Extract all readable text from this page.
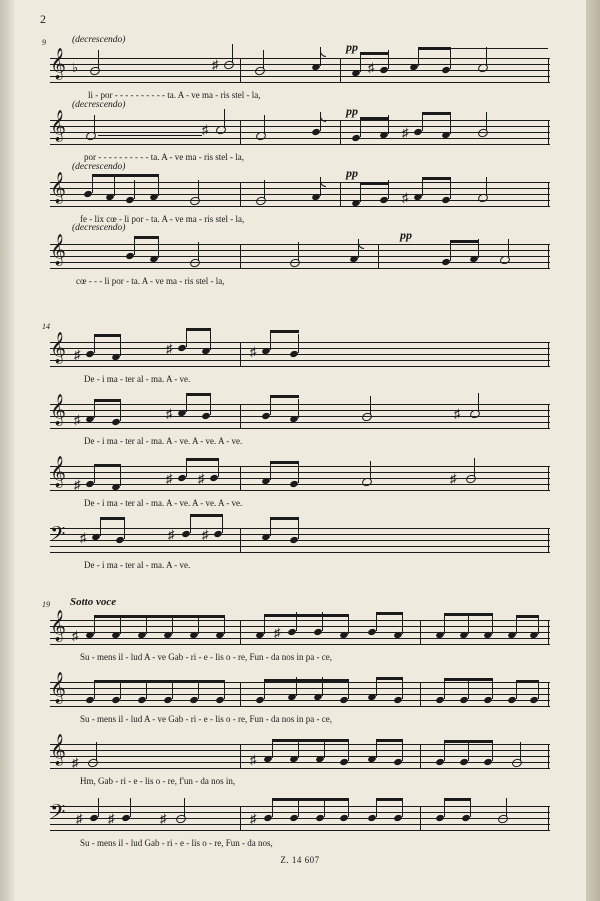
2
9	(decrescendo)
(decrescendo)
(decrescendo)
(decrescendo)
𝄞 ♭	♯	♯
pp
li - por - - - - - - - - - - ta. A - ve ma - ris stel - la,
𝄞	♯	♯
pp
por - - - - - - - - - - ta. A - ve ma - ris stel - la,
𝄞	♯
pp
fe - lix cœ - li por - ta. A - ve ma - ris stel - la,
𝄞	pp
cœ - - - li por - ta. A - ve ma - ris stel - la,
14
𝄞 ♯	♯	♯
De - i ma - ter al - ma. A - ve.
𝄞 ♯	♯	♯
De - i ma - ter al - ma. A - ve. A - ve. A - ve.
𝄞 ♯	♯ ♯	♯
De - i ma - ter al - ma. A - ve. A - ve. A - ve.
𝄢 ♯	♯ ♯
De - i ma - ter al - ma. A - ve.
19 Sotto voce
𝄞 ♯	♯
Su - mens il - lud A - ve Gab - ri - e - lis o - re, Fun - da nos in pa - ce,
𝄞
Su - mens il - lud A - ve Gab - ri - e - lis o - re, Fun - da nos in pa - ce,
𝄞 ♯	♯
Hm, Gab - ri - e - lis o - re, f'un - da nos in,
𝄢 ♯ ♯	♯	♯
Su - mens il - lud Gab - ri - e - lis o - re, Fun - da nos,
Z. 14 607
